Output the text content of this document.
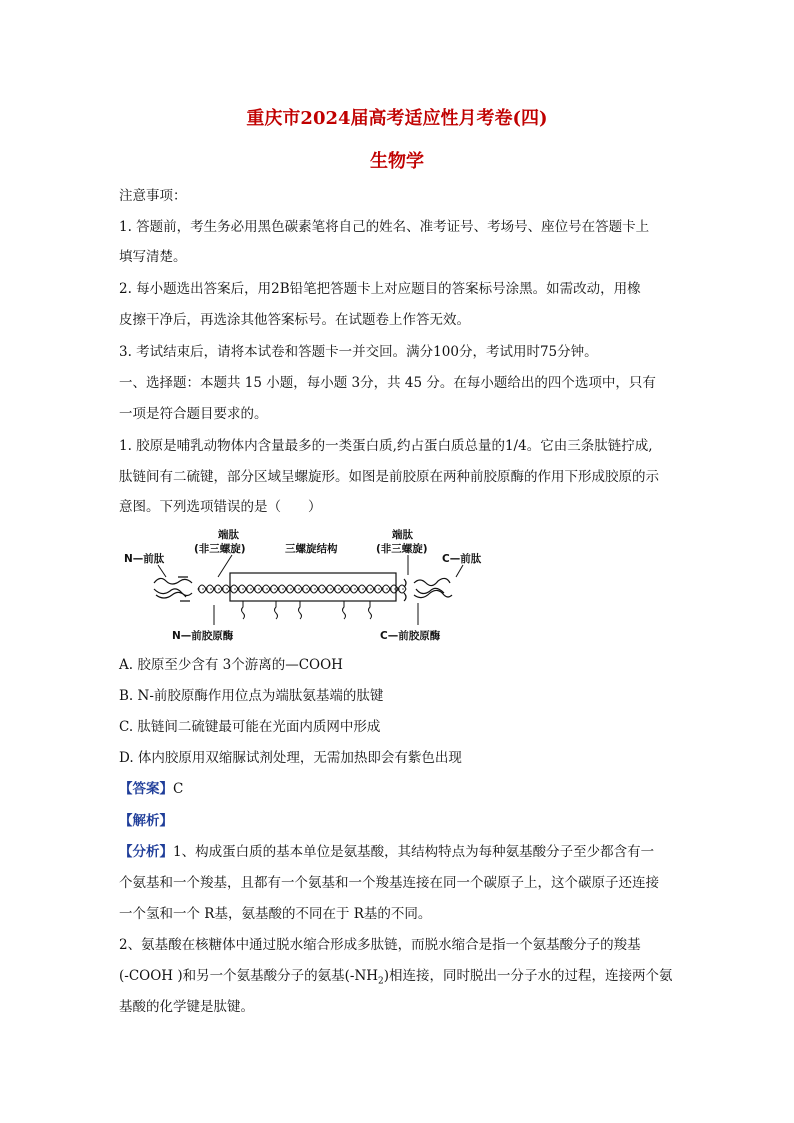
重庆市2024届高考适应性月考卷(四)
生物学
注意事项：
1. 答题前，考生务必用黑色碳素笔将自己的姓名、准考证号、考场号、座位号在答题卡上
填写清楚。
2. 每小题选出答案后，用2B铅笔把答题卡上对应题目的答案标号涂黑。如需改动，用橡
皮擦干净后，再选涂其他答案标号。在试题卷上作答无效。
3. 考试结束后，请将本试卷和答题卡一并交回。满分100分，考试用时75分钟。
一、选择题：本题共 15 小题，每小题 3分，共 45 分。在每小题给出的四个选项中，只有
一项是符合题目要求的。
1. 胶原是哺乳动物体内含量最多的一类蛋白质,约占蛋白质总量的1/4。它由三条肽链拧成,
肽链间有二硫键，部分区域呈螺旋形。如图是前胶原在两种前胶原酶的作用下形成胶原的示
意图。下列选项错误的是（　　）
N—前肽
端肽
(非三螺旋)	三螺旋结构
端肽
(非三螺旋)
C—前肽
N—前胶原酶	C—前胶原酶
A. 胶原至少含有 3个游离的—COOH
B. N-前胶原酶作用位点为端肽氨基端的肽键
C. 肽链间二硫键最可能在光面内质网中形成
D. 体内胶原用双缩脲试剂处理，无需加热即会有紫色出现
【答案】C
【解析】
【分析】1、构成蛋白质的基本单位是氨基酸，其结构特点为每种氨基酸分子至少都含有一
个氨基和一个羧基，且都有一个氨基和一个羧基连接在同一个碳原子上，这个碳原子还连接
一个氢和一个 R基，氨基酸的不同在于 R基的不同。
2、氨基酸在核糖体中通过脱水缩合形成多肽链，而脱水缩合是指一个氨基酸分子的羧基
(-COOH )和另一个氨基酸分子的氨基$(-NH_2)$相连接，同时脱出一分子水的过程，连接两个氨
基酸的化学键是肽键。
